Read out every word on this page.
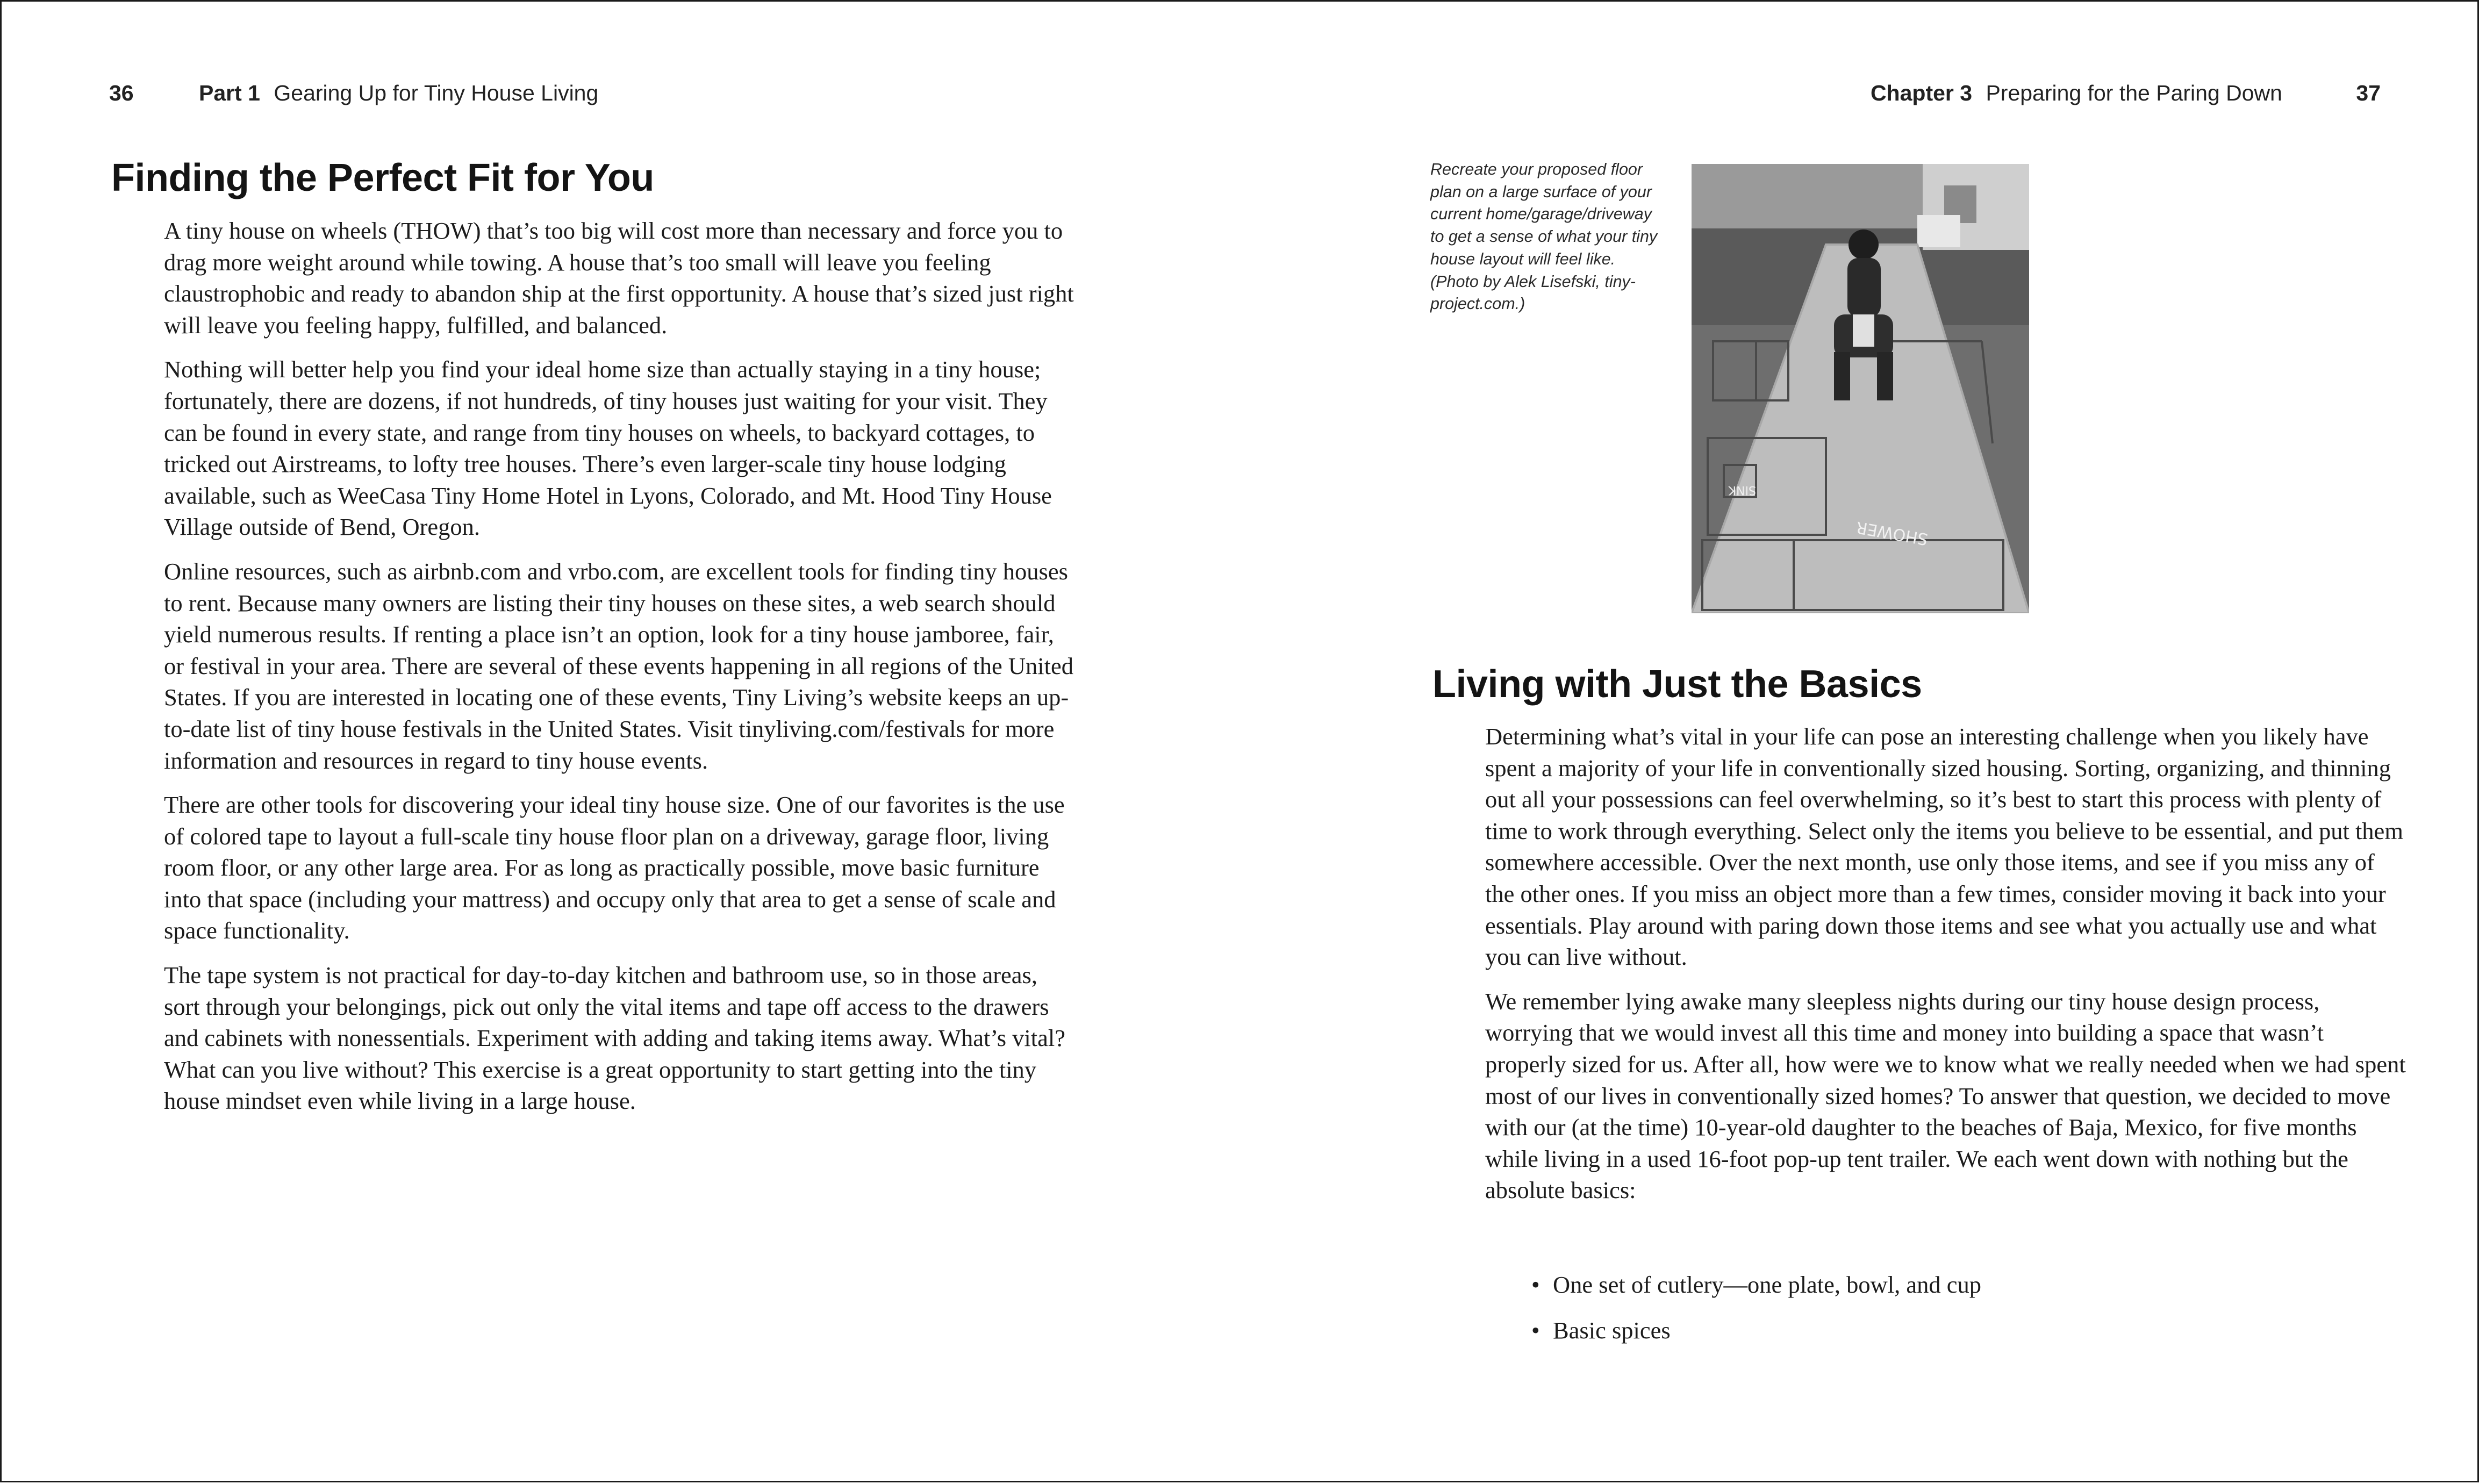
36	Part 1 Gearing Up for Tiny House Living
Finding the Perfect Fit for You

A tiny house on wheels (THOW) that’s too big will cost more than necessary and force you to drag more weight around while towing. A house that’s too small will leave you feeling claustrophobic and ready to abandon ship at the first opportunity. A house that’s sized just right will leave you feeling happy, fulfilled, and balanced.

Nothing will better help you find your ideal home size than actually staying in a tiny house; fortunately, there are dozens, if not hundreds, of tiny houses just waiting for your visit. They can be found in every state, and range from tiny houses on wheels, to backyard cottages, to tricked out Airstreams, to lofty tree houses. There’s even larger-scale tiny house lodging available, such as WeeCasa Tiny Home Hotel in Lyons, Colorado, and Mt. Hood Tiny House Village outside of Bend, Oregon.

Online resources, such as airbnb.com and vrbo.com, are excellent tools for finding tiny houses to rent. Because many owners are listing their tiny houses on these sites, a web search should yield numerous results. If renting a place isn’t an option, look for a tiny house jamboree, fair, or festival in your area. There are several of these events happening in all regions of the United States. If you are interested in locating one of these events, Tiny Living’s website keeps an up-to-date list of tiny house festivals in the United States. Visit tinyliving.com/festivals for more information and resources in regard to tiny house events.

There are other tools for discovering your ideal tiny house size. One of our favorites is the use of colored tape to layout a full-scale tiny house floor plan on a driveway, garage floor, living room floor, or any other large area. For as long as practically possible, move basic furniture into that space (including your mattress) and occupy only that area to get a sense of scale and space functionality.

The tape system is not practical for day-to-day kitchen and bathroom use, so in those areas, sort through your belongings, pick out only the vital items and tape off access to the drawers and cabinets with nonessentials. Experiment with adding and taking items away. What’s vital? What can you live without? This exercise is a great opportunity to start getting into the tiny house mindset even while living in a large house.

Chapter 3 Preparing for the Paring Down	37

Recreate your proposed floor plan on a large surface of your current home/garage/driveway to get a sense of what your tiny house layout will feel like. (Photo by Alek Lisefski, tiny-project.com.)

SINK
SHOWER
Living with Just the Basics

Determining what’s vital in your life can pose an interesting challenge when you likely have spent a majority of your life in conventionally sized housing. Sorting, organizing, and thinning out all your possessions can feel overwhelming, so it’s best to start this process with plenty of time to work through everything. Select only the items you believe to be essential, and put them somewhere accessible. Over the next month, use only those items, and see if you miss any of the other ones. If you miss an object more than a few times, consider moving it back into your essentials. Play around with paring down those items and see what you actually use and what you can live without.

We remember lying awake many sleepless nights during our tiny house design process, worrying that we would invest all this time and money into building a space that wasn’t properly sized for us. After all, how were we to know what we really needed when we had spent most of our lives in conventionally sized homes? To answer that question, we decided to move with our (at the time) 10-year-old daughter to the beaches of Baja, Mexico, for five months while living in a used 16-foot pop-up tent trailer. We each went down with nothing but the absolute basics:

• One set of cutlery—one plate, bowl, and cup
• Basic spices
